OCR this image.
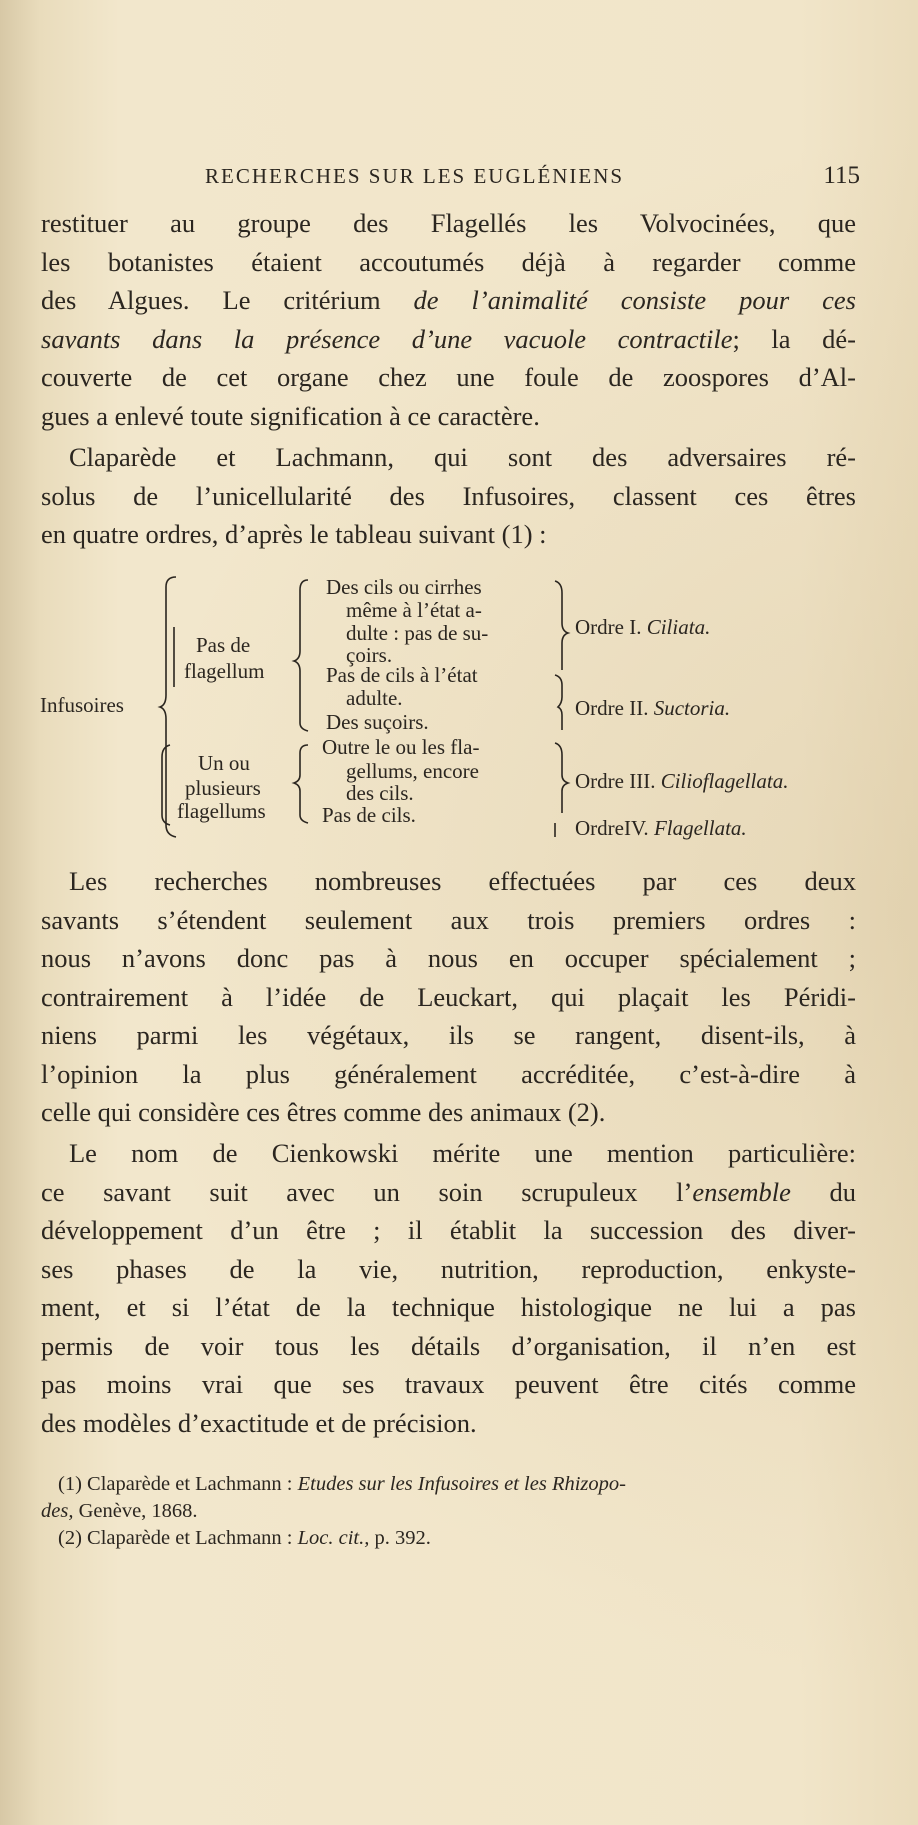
RECHERCHES SUR LES EUGLÉNIENS	115
restituer au groupe des Flagellés les Volvocinées, que
les botanistes étaient accoutumés déjà à regarder comme
des Algues. Le critérium de l’animalité consiste pour ces
savants dans la présence d’une vacuole contractile; la dé-
couverte de cet organe chez une foule de zoospores d’Al-
gues a enlevé toute signification à ce caractère.
Claparède et Lachmann, qui sont des adversaires ré-
solus de l’unicellularité des Infusoires, classent ces êtres
en quatre ordres, d’après le tableau suivant (1) :
Infusoires
Pas de
flagellum
Un ou
plusieurs
flagellums
Des cils ou cirrhes
même à l’état a-
dulte : pas de su-
çoirs.
Pas de cils à l’état
adulte.
Des suçoirs.
Outre le ou les fla-
gellums, encore
des cils.
Pas de cils.
Ordre I. Ciliata.
Ordre II. Suctoria.
Ordre III. Cilioflagellata.
OrdreIV. Flagellata.
Les recherches nombreuses effectuées par ces deux
savants s’étendent seulement aux trois premiers ordres :
nous n’avons donc pas à nous en occuper spécialement ;
contrairement à l’idée de Leuckart, qui plaçait les Péridi-
niens parmi les végétaux, ils se rangent, disent-ils, à
l’opinion la plus généralement accréditée, c’est-à-dire à
celle qui considère ces êtres comme des animaux (2).
Le nom de Cienkowski mérite une mention particulière:
ce savant suit avec un soin scrupuleux l’ensemble du
développement d’un être ; il établit la succession des diver-
ses phases de la vie, nutrition, reproduction, enkyste-
ment, et si l’état de la technique histologique ne lui a pas
permis de voir tous les détails d’organisation, il n’en est
pas moins vrai que ses travaux peuvent être cités comme
des modèles d’exactitude et de précision.
(1) Claparède et Lachmann : Etudes sur les Infusoires et les Rhizopo-
des, Genève, 1868.
(2) Claparède et Lachmann : Loc. cit., p. 392.
